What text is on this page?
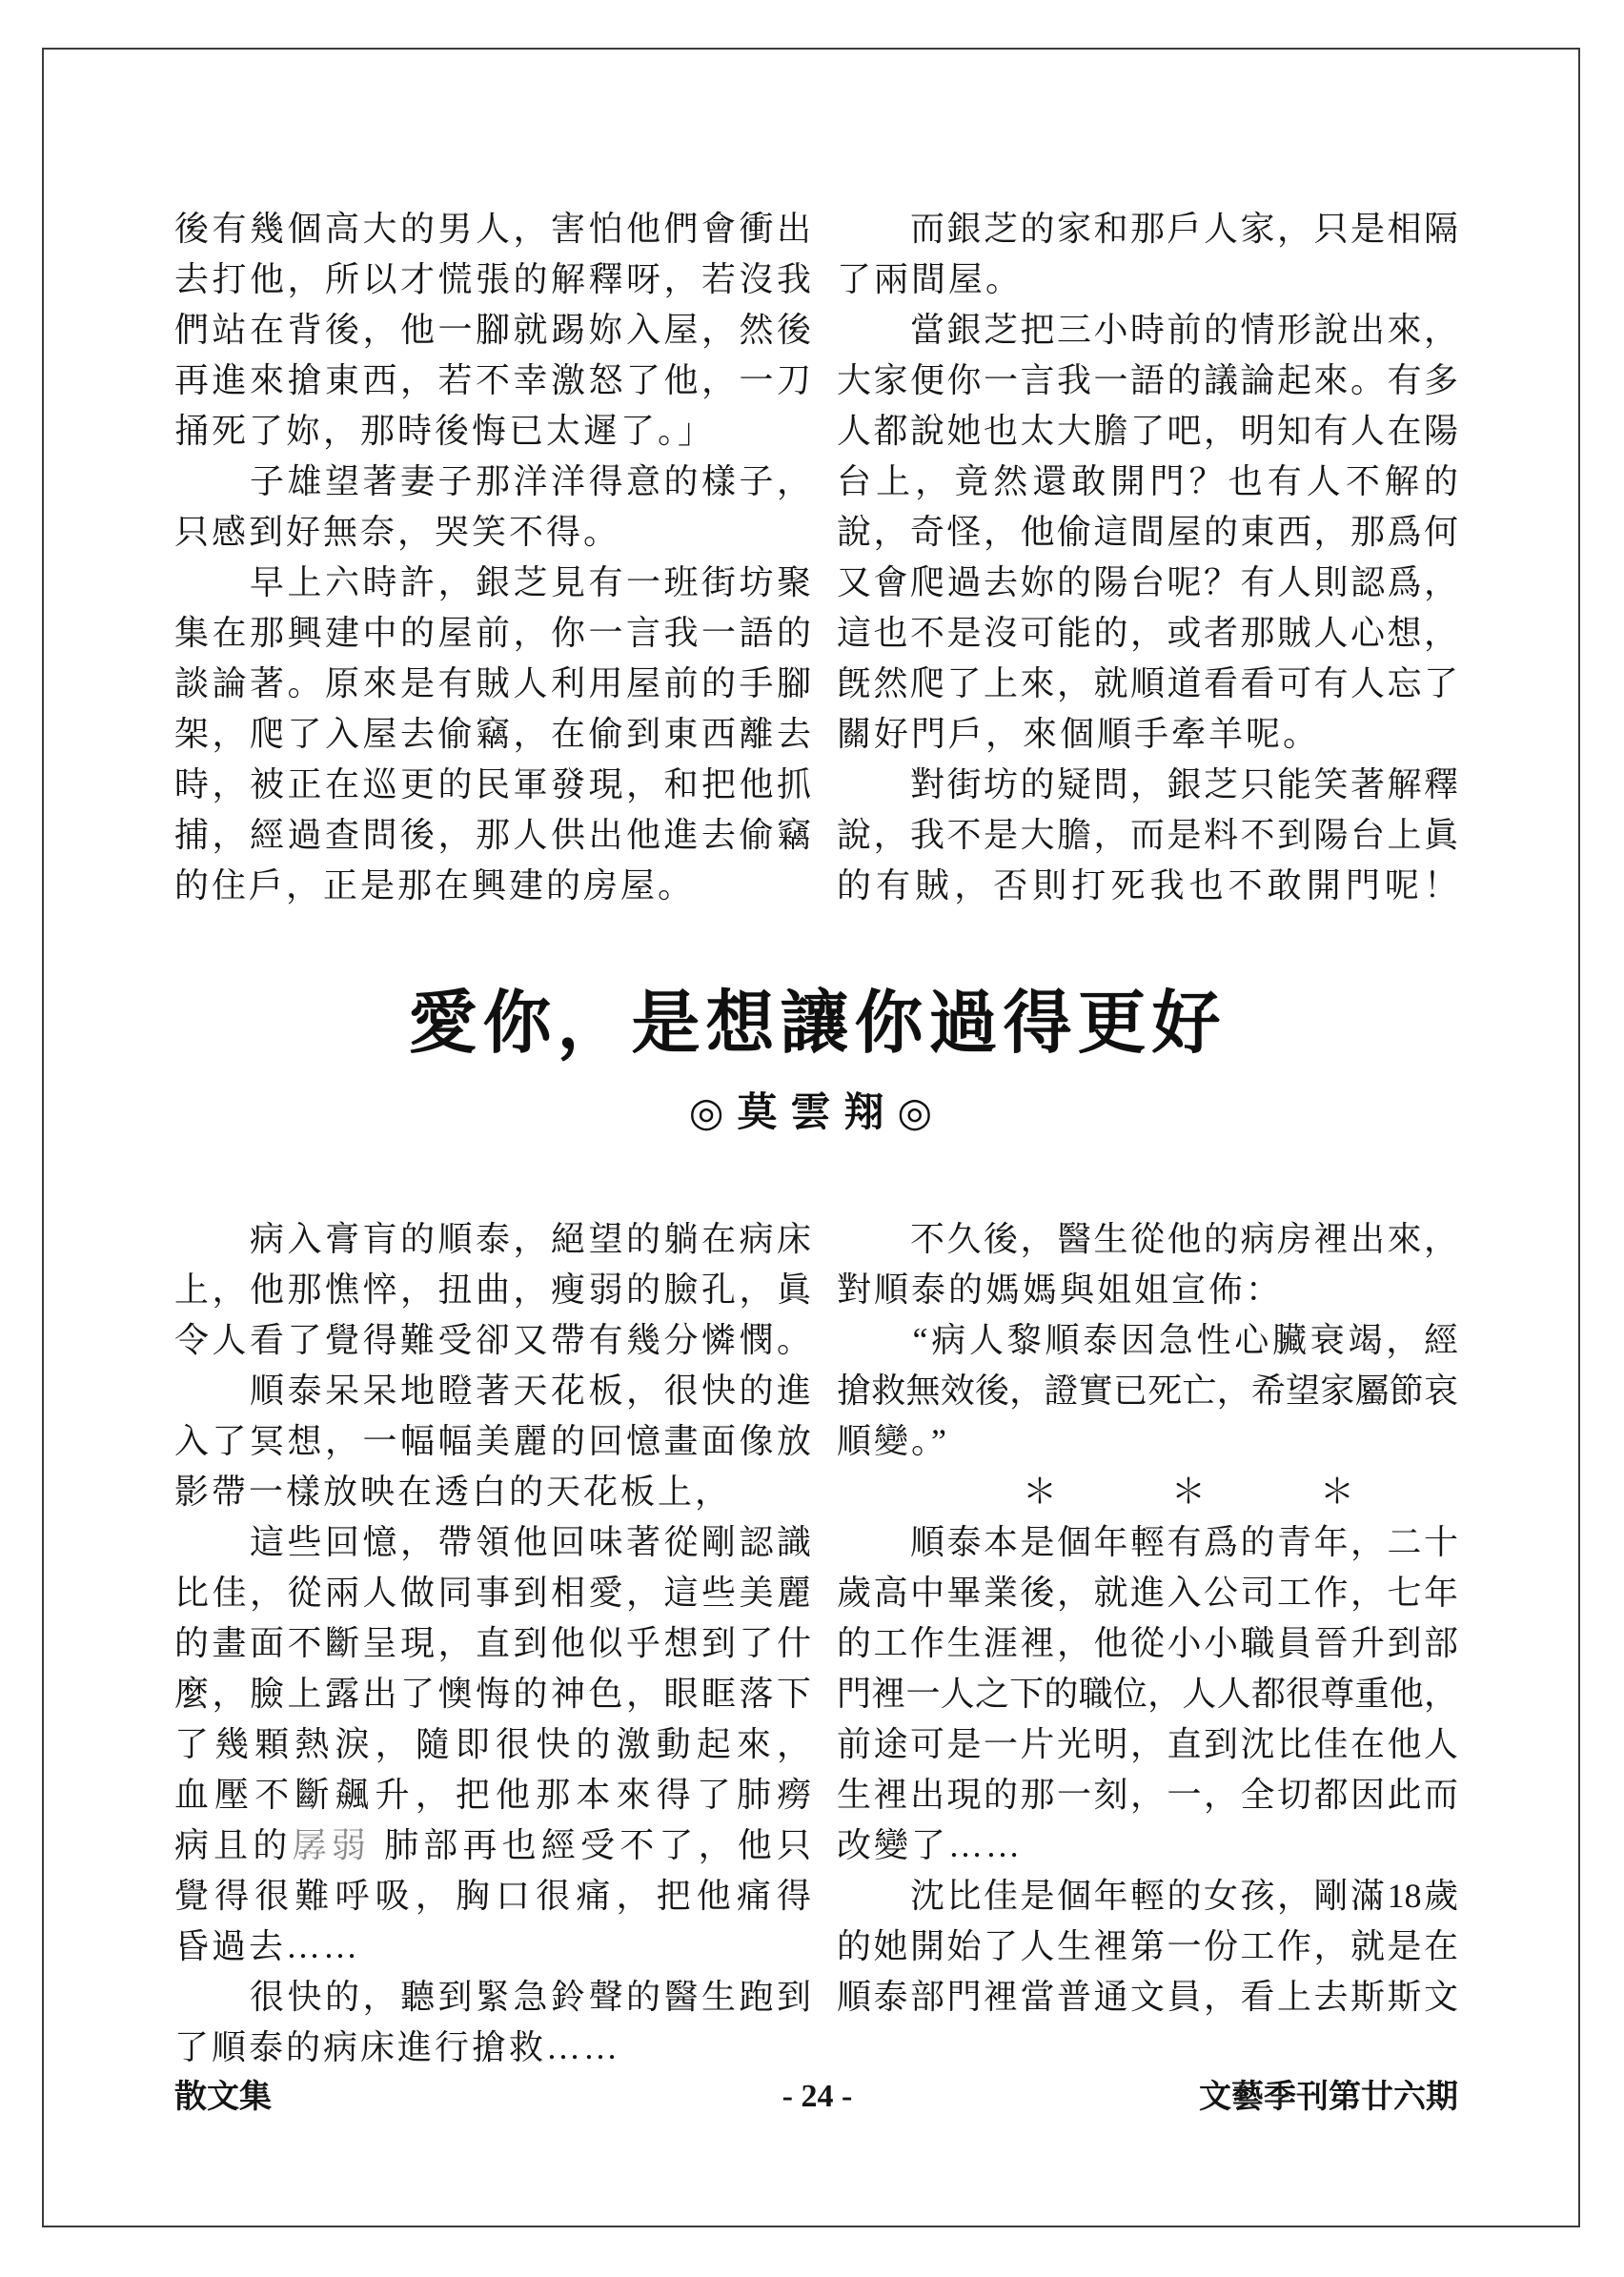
後有幾個高大的男人，害怕他們會衝出
去打他，所以才慌張的解釋呀，若沒我
們站在背後，他一腳就踢妳入屋，然後
再進來搶東西，若不幸激怒了他，一刀
捅死了妳，那時後悔已太遲了。」
　　子雄望著妻子那洋洋得意的樣子，
只感到好無奈，哭笑不得。
　　早上六時許，銀芝見有一班街坊聚
集在那興建中的屋前，你一言我一語的
談論著。原來是有賊人利用屋前的手腳
架，爬了入屋去偷竊，在偷到東西離去
時，被正在巡更的民軍發現，和把他抓
捕，經過查問後，那人供出他進去偷竊
的住戶，正是那在興建的房屋。
　　而銀芝的家和那戶人家，只是相隔
了兩間屋。
　　當銀芝把三小時前的情形說出來，
大家便你一言我一語的議論起來。有多
人都說她也太大膽了吧，明知有人在陽
台上，竟然還敢開門？也有人不解的
說，奇怪，他偷這間屋的東西，那爲何
又會爬過去妳的陽台呢？有人則認爲，
這也不是沒可能的，或者那賊人心想，
旣然爬了上來，就順道看看可有人忘了
關好門戶，來個順手牽羊呢。
　　對街坊的疑問，銀芝只能笑著解釋
說，我不是大膽，而是料不到陽台上眞
的有賊，否則打死我也不敢開門呢！
愛你，是想讓你過得更好
◎莫雲翔◎
　　病入膏肓的順泰，絕望的躺在病床
上，他那憔悴，扭曲，瘦弱的臉孔，眞
令人看了覺得難受卻又帶有幾分憐憫。
　　順泰呆呆地瞪著天花板，很快的進
入了冥想，一幅幅美麗的回憶畫面像放
影帶一樣放映在透白的天花板上，
　　這些回憶，帶領他回味著從剛認識
比佳，從兩人做同事到相愛，這些美麗
的畫面不斷呈現，直到他似乎想到了什
麼，臉上露出了懊悔的神色，眼眶落下
了幾顆熱淚，隨即很快的激動起來，
血壓不斷飆升，把他那本來得了肺癆
病且的孱弱 肺部再也經受不了，他只
覺得很難呼吸，胸口很痛，把他痛得
昏過去……
　　很快的，聽到緊急鈴聲的醫生跑到
了順泰的病床進行搶救……
　　不久後，醫生從他的病房裡出來，
對順泰的媽媽與姐姐宣佈：
　　“病人黎順泰因急性心臟衰竭，經
搶救無效後，證實已死亡，希望家屬節哀
順變。”
　　　　　＊　　　＊　　　＊
　　順泰本是個年輕有爲的青年，二十
歲高中畢業後，就進入公司工作，七年
的工作生涯裡，他從小小職員晉升到部
門裡一人之下的職位，人人都很尊重他，
前途可是一片光明，直到沈比佳在他人
生裡出現的那一刻，一，全切都因此而
改變了……
　　沈比佳是個年輕的女孩，剛滿18歲
的她開始了人生裡第一份工作，就是在
順泰部門裡當普通文員，看上去斯斯文
散文集	- 24 -	文藝季刊第廿六期
